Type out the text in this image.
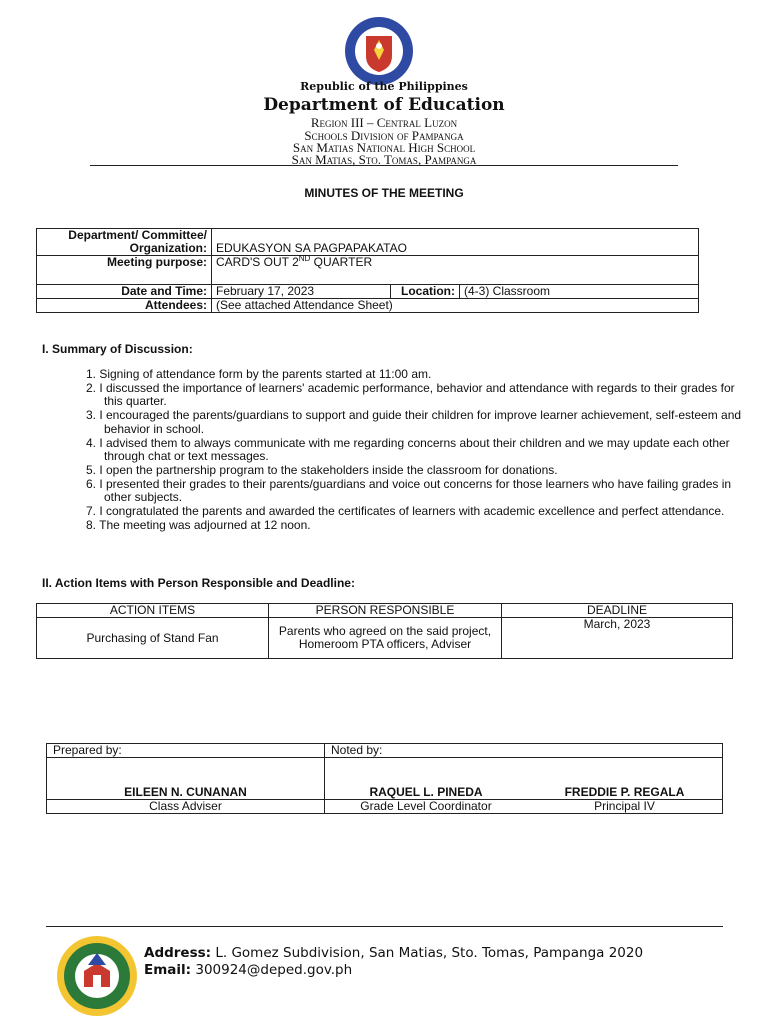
Republic of the Philippines
Department of Education
Region III – Central Luzon
Schools Division of Pampanga
San Matias National High School
San Matias, Sto. Tomas, Pampanga
MINUTES OF THE MEETING
Department/ Committee/
Organization:	EDUKASYON SA PAGPAPAKATAO		
Meeting purpose:	CARD'S OUT 2ND QUARTER		
Date and Time:	February 17, 2023	Location:	(4-3) Classroom
Attendees:	(See attached Attendance Sheet)		
I. Summary of Discussion:
1. Signing of attendance form by the parents started at 11:00 am.
2. I discussed the importance of learners' academic performance, behavior and attendance with regards to their grades for this quarter.
3. I encouraged the parents/guardians to support and guide their children for improve learner achievement, self-esteem and behavior in school.
4. I advised them to always communicate with me regarding concerns about their children and we may update each other through chat or text messages.
5. I open the partnership program to the stakeholders inside the classroom for donations.
6. I presented their grades to their parents/guardians and voice out concerns for those learners who have failing grades in other subjects.
7. I congratulated the parents and awarded the certificates of learners with academic excellence and perfect attendance.
8. The meeting was adjourned at 12 noon.
II. Action Items with Person Responsible and Deadline:
ACTION ITEMS	PERSON RESPONSIBLE	DEADLINE
Purchasing of Stand Fan	Parents who agreed on the said project, Homeroom PTA officers, Adviser	March, 2023
Prepared by:	Noted by:	
EILEEN N. CUNANAN	RAQUEL L. PINEDA	FREDDIE P. REGALA
Class Adviser	Grade Level Coordinator	Principal IV
Address: L. Gomez Subdivision, San Matias, Sto. Tomas, Pampanga 2020
Email: 300924@deped.gov.ph
